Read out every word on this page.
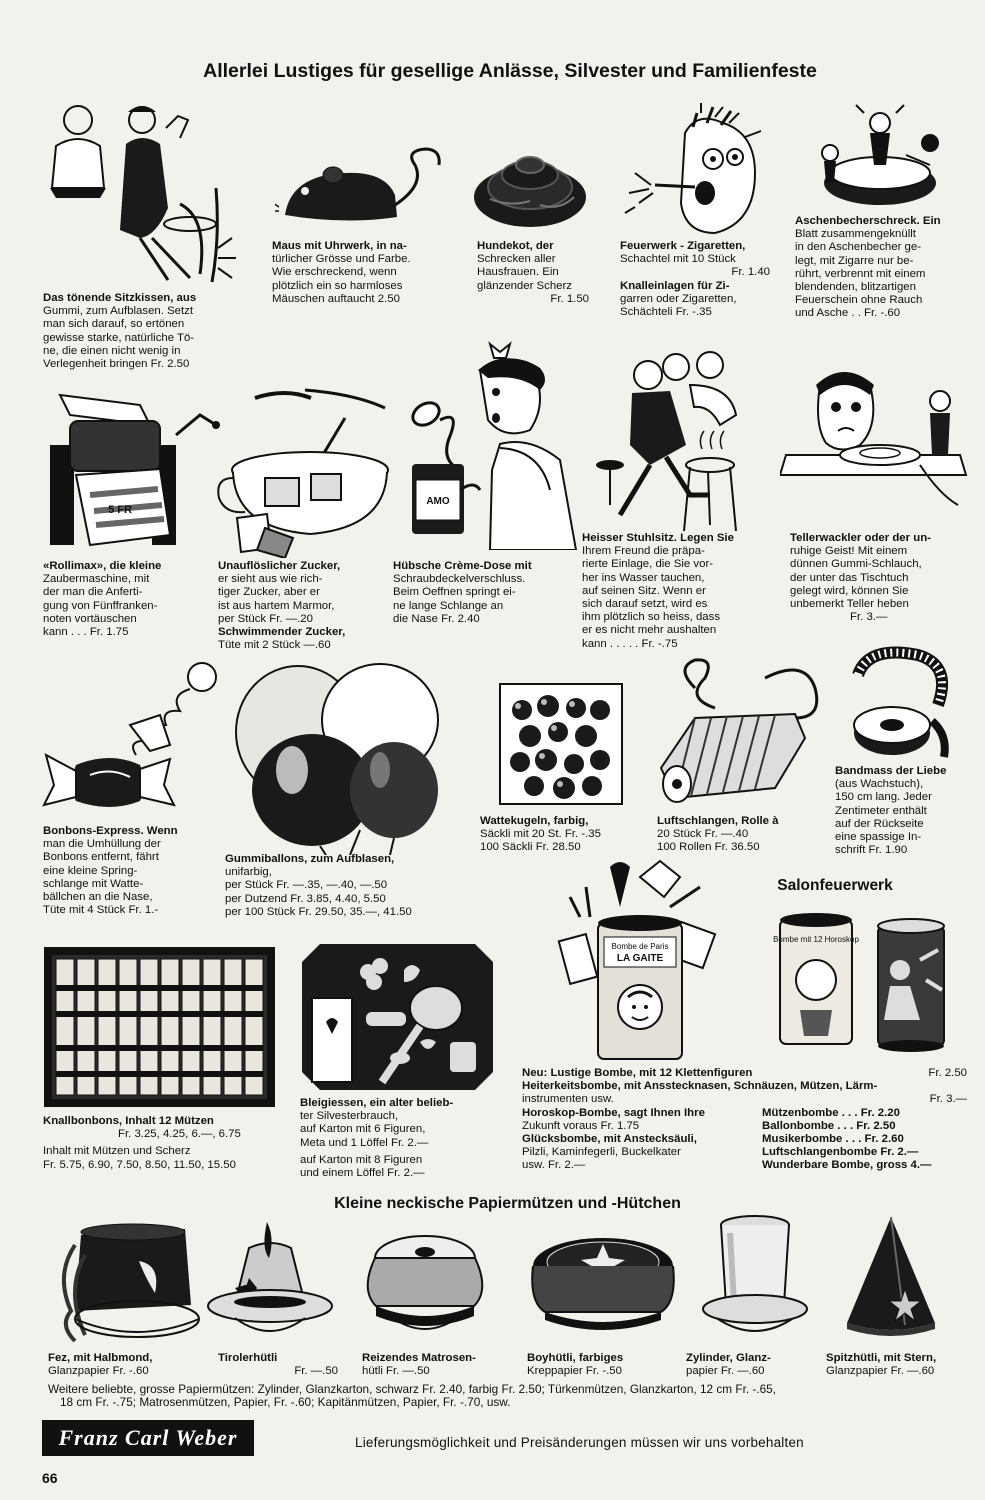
Allerlei Lustiges für gesellige Anlässe, Silvester und Familienfeste
Das tönende Sitzkissen, aus
Gummi, zum Aufblasen. Setzt
man sich darauf, so ertönen
gewisse starke, natürliche Tö-
ne, die einen nicht wenig in
Verlegenheit bringen Fr. 2.50
Maus mit Uhrwerk, in na-
türlicher Grösse und Farbe.
Wie erschreckend, wenn
plötzlich ein so harmloses
Mäuschen auftaucht 2.50
Hundekot, der
Schrecken aller
Hausfrauen. Ein
glänzender Scherz
Fr. 1.50
Feuerwerk - Zigaretten,
Schachtel mit 10 Stück
Fr. 1.40
Knalleinlagen für Zi-
garren oder Zigaretten,
Schächteli Fr. -.35
Aschenbecherschreck. Ein
Blatt zusammengeknüllt
in den Aschenbecher ge-
legt, mit Zigarre nur be-
rührt, verbrennt mit einem
blendenden, blitzartigen
Feuerschein ohne Rauch
und Asche . . Fr. -.60
5 FR
AMO
«Rollimax», die kleine
Zaubermaschine, mit
der man die Anferti-
gung von Fünffranken-
noten vortäuschen
kann . . . Fr. 1.75
Unauflöslicher Zucker,
er sieht aus wie rich-
tiger Zucker, aber er
ist aus hartem Marmor,
per Stück Fr. —.20
Schwimmender Zucker,
Tüte mit 2 Stück —.60
Hübsche Crème-Dose mit
Schraubdeckelverschluss.
Beim Oeffnen springt ei-
ne lange Schlange an
die Nase Fr. 2.40
Heisser Stuhlsitz. Legen Sie
Ihrem Freund die präpa-
rierte Einlage, die Sie vor-
her ins Wasser tauchen,
auf seinen Sitz. Wenn er
sich darauf setzt, wird es
ihm plötzlich so heiss, dass
er es nicht mehr aushalten
kann . . . . . Fr. -.75
Tellerwackler oder der un-
ruhige Geist! Mit einem
dünnen Gummi-Schlauch,
der unter das Tischtuch
gelegt wird, können Sie
unbemerkt Teller heben
Fr. 3.—
Bonbons-Express. Wenn
man die Umhüllung der
Bonbons entfernt, fährt
eine kleine Spring-
schlange mit Watte-
bällchen an die Nase,
Tüte mit 4 Stück Fr. 1.-
Gummiballons, zum Aufblasen,
unifarbig,
per Stück Fr. —.35, —.40, —.50
per Dutzend Fr. 3.85, 4.40, 5.50
per 100 Stück Fr. 29.50, 35.—, 41.50
Wattekugeln, farbig,
Säckli mit 20 St. Fr. -.35
100 Säckli Fr. 28.50
Luftschlangen, Rolle à
20 Stück Fr. —.40
100 Rollen Fr. 36.50
Bandmass der Liebe
(aus Wachstuch),
150 cm lang. Jeder
Zentimeter enthält
auf der Rückseite
eine spassige In-
schrift Fr. 1.90
Salonfeuerwerk
Bombe de Paris
LA GAITE
Bombe mit 12 Horoskop
Knallbonbons, Inhalt 12 Mützen
Fr. 3.25, 4.25, 6.—, 6.75
Inhalt mit Mützen und Scherz
Fr. 5.75, 6.90, 7.50, 8.50, 11.50, 15.50
Bleigiessen, ein alter belieb-
ter Silvesterbrauch,
auf Karton mit 6 Figuren,
Meta und 1 Löffel Fr. 2.—
auf Karton mit 8 Figuren
und einem Löffel Fr. 2.—
Neu: Lustige Bombe, mit 12 Klettenfiguren
Heiterkeitsbombe, mit Ansstecknasen, Schnäuzen, Mützen, Lärm-
instrumenten usw.
Horoskop-Bombe, sagt Ihnen Ihre
Zukunft voraus Fr. 1.75
Glücksbombe, mit Anstecksäuli,
Pilzli, Kaminfegerli, Buckelkater
usw. Fr. 2.—
Fr. 2.50

Fr. 3.—
Mützenbombe . . . Fr. 2.20
Ballonbombe . . . Fr. 2.50
Musikerbombe . . . Fr. 2.60
Luftschlangenbombe Fr. 2.—
Wunderbare Bombe, gross 4.—
Kleine neckische Papiermützen und -Hütchen
Fez, mit Halbmond,
Glanzpapier Fr. -.60
Tirolerhütli
Fr. —.50
Reizendes Matrosen-
hütli Fr. —.50
Boyhütli, farbiges
Kreppapier Fr. -.50
Zylinder, Glanz-
papier Fr. —.60
Spitzhütli, mit Stern,
Glanzpapier Fr. —.60
Weitere beliebte, grosse Papiermützen: Zylinder, Glanzkarton, schwarz Fr. 2.40, farbig Fr. 2.50; Türkenmützen, Glanzkarton, 12 cm Fr. -.65,
18 cm Fr. -.75; Matrosenmützen, Papier, Fr. -.60; Kapitänmützen, Papier, Fr. -.70, usw.
Franz Carl Weber	Lieferungsmöglichkeit und Preisänderungen müssen wir uns vorbehalten
66
